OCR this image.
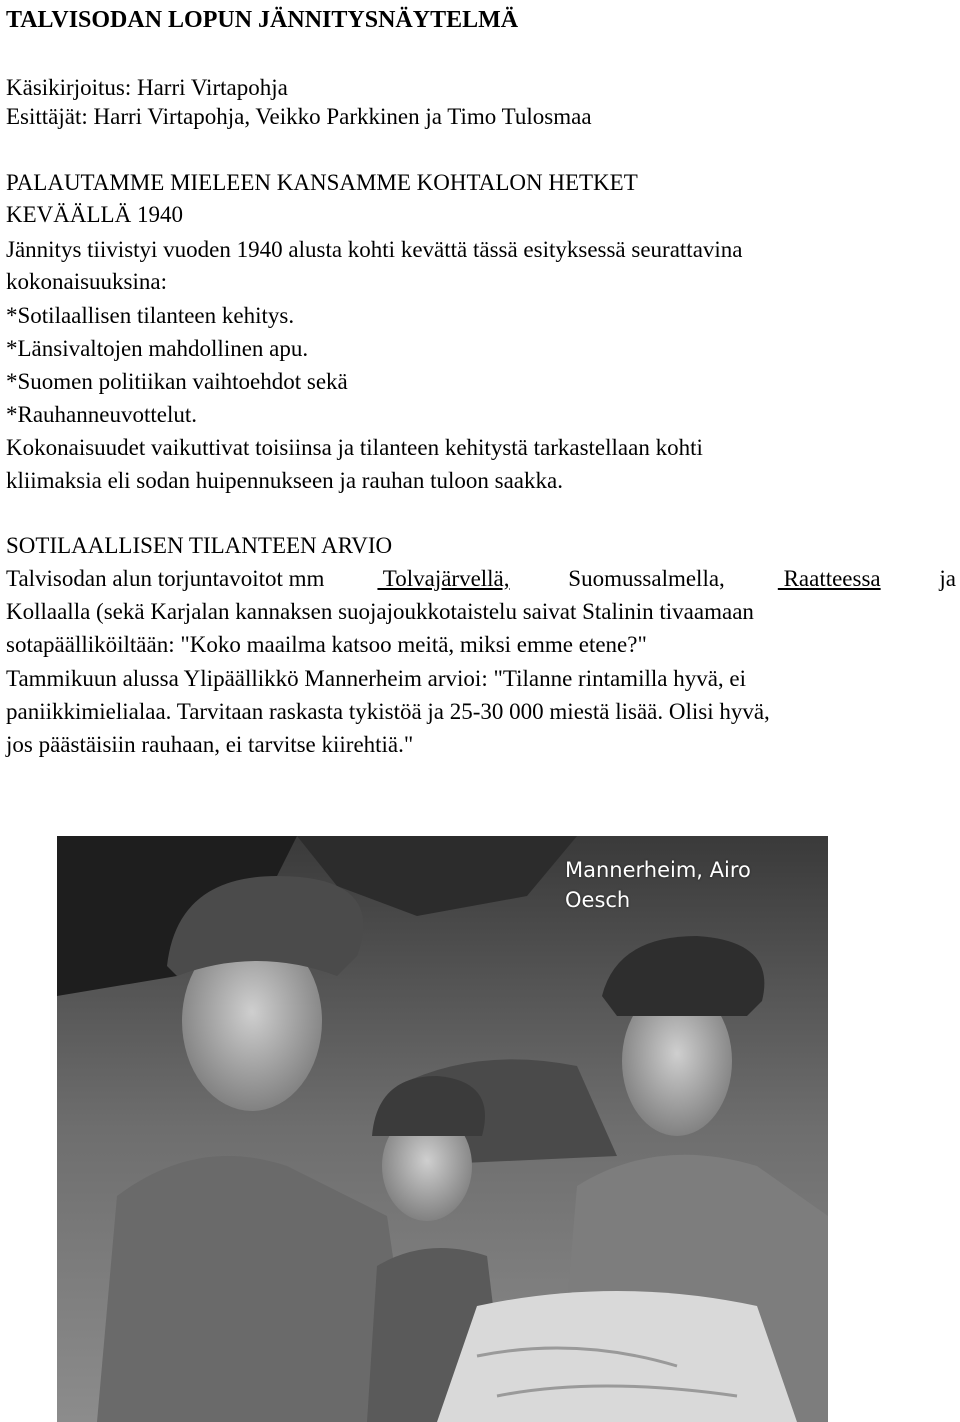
TALVISODAN LOPUN JÄNNITYSNÄYTELMÄ
Käsikirjoitus: Harri Virtapohja
Esittäjät: Harri Virtapohja, Veikko Parkkinen ja Timo Tulosmaa
PALAUTAMME MIELEEN KANSAMME KOHTALON HETKET
KEVÄÄLLÄ 1940
Jännitys tiivistyi vuoden 1940 alusta kohti kevättä tässä esityksessä seurattavina
kokonaisuuksina:
*Sotilaallisen tilanteen kehitys.
*Länsivaltojen mahdollinen apu.
*Suomen politiikan vaihtoehdot sekä
*Rauhanneuvottelut.
Kokonaisuudet vaikuttivat toisiinsa ja tilanteen kehitystä tarkastellaan kohti
kliimaksia eli sodan huipennukseen ja rauhan tuloon saakka.
SOTILAALLISEN TILANTEEN ARVIO
Talvisodan alun torjuntavoitot mm Tolvajärvellä, Suomussalmella, Raatteessa ja
Kollaalla (sekä Karjalan kannaksen suojajoukkotaistelu saivat Stalinin tivaamaan
sotapäälliköiltään: "Koko maailma katsoo meitä, miksi emme etene?"
Tammikuun alussa Ylipäällikkö Mannerheim arvioi: "Tilanne rintamilla hyvä, ei
paniikkimielialaa. Tarvitaan raskasta tykistöä ja 25-30 000 miestä lisää. Olisi hyvä,
jos päästäisiin rauhaan, ei tarvitse kiirehtiä."
Mannerheim, Airo
Oesch
